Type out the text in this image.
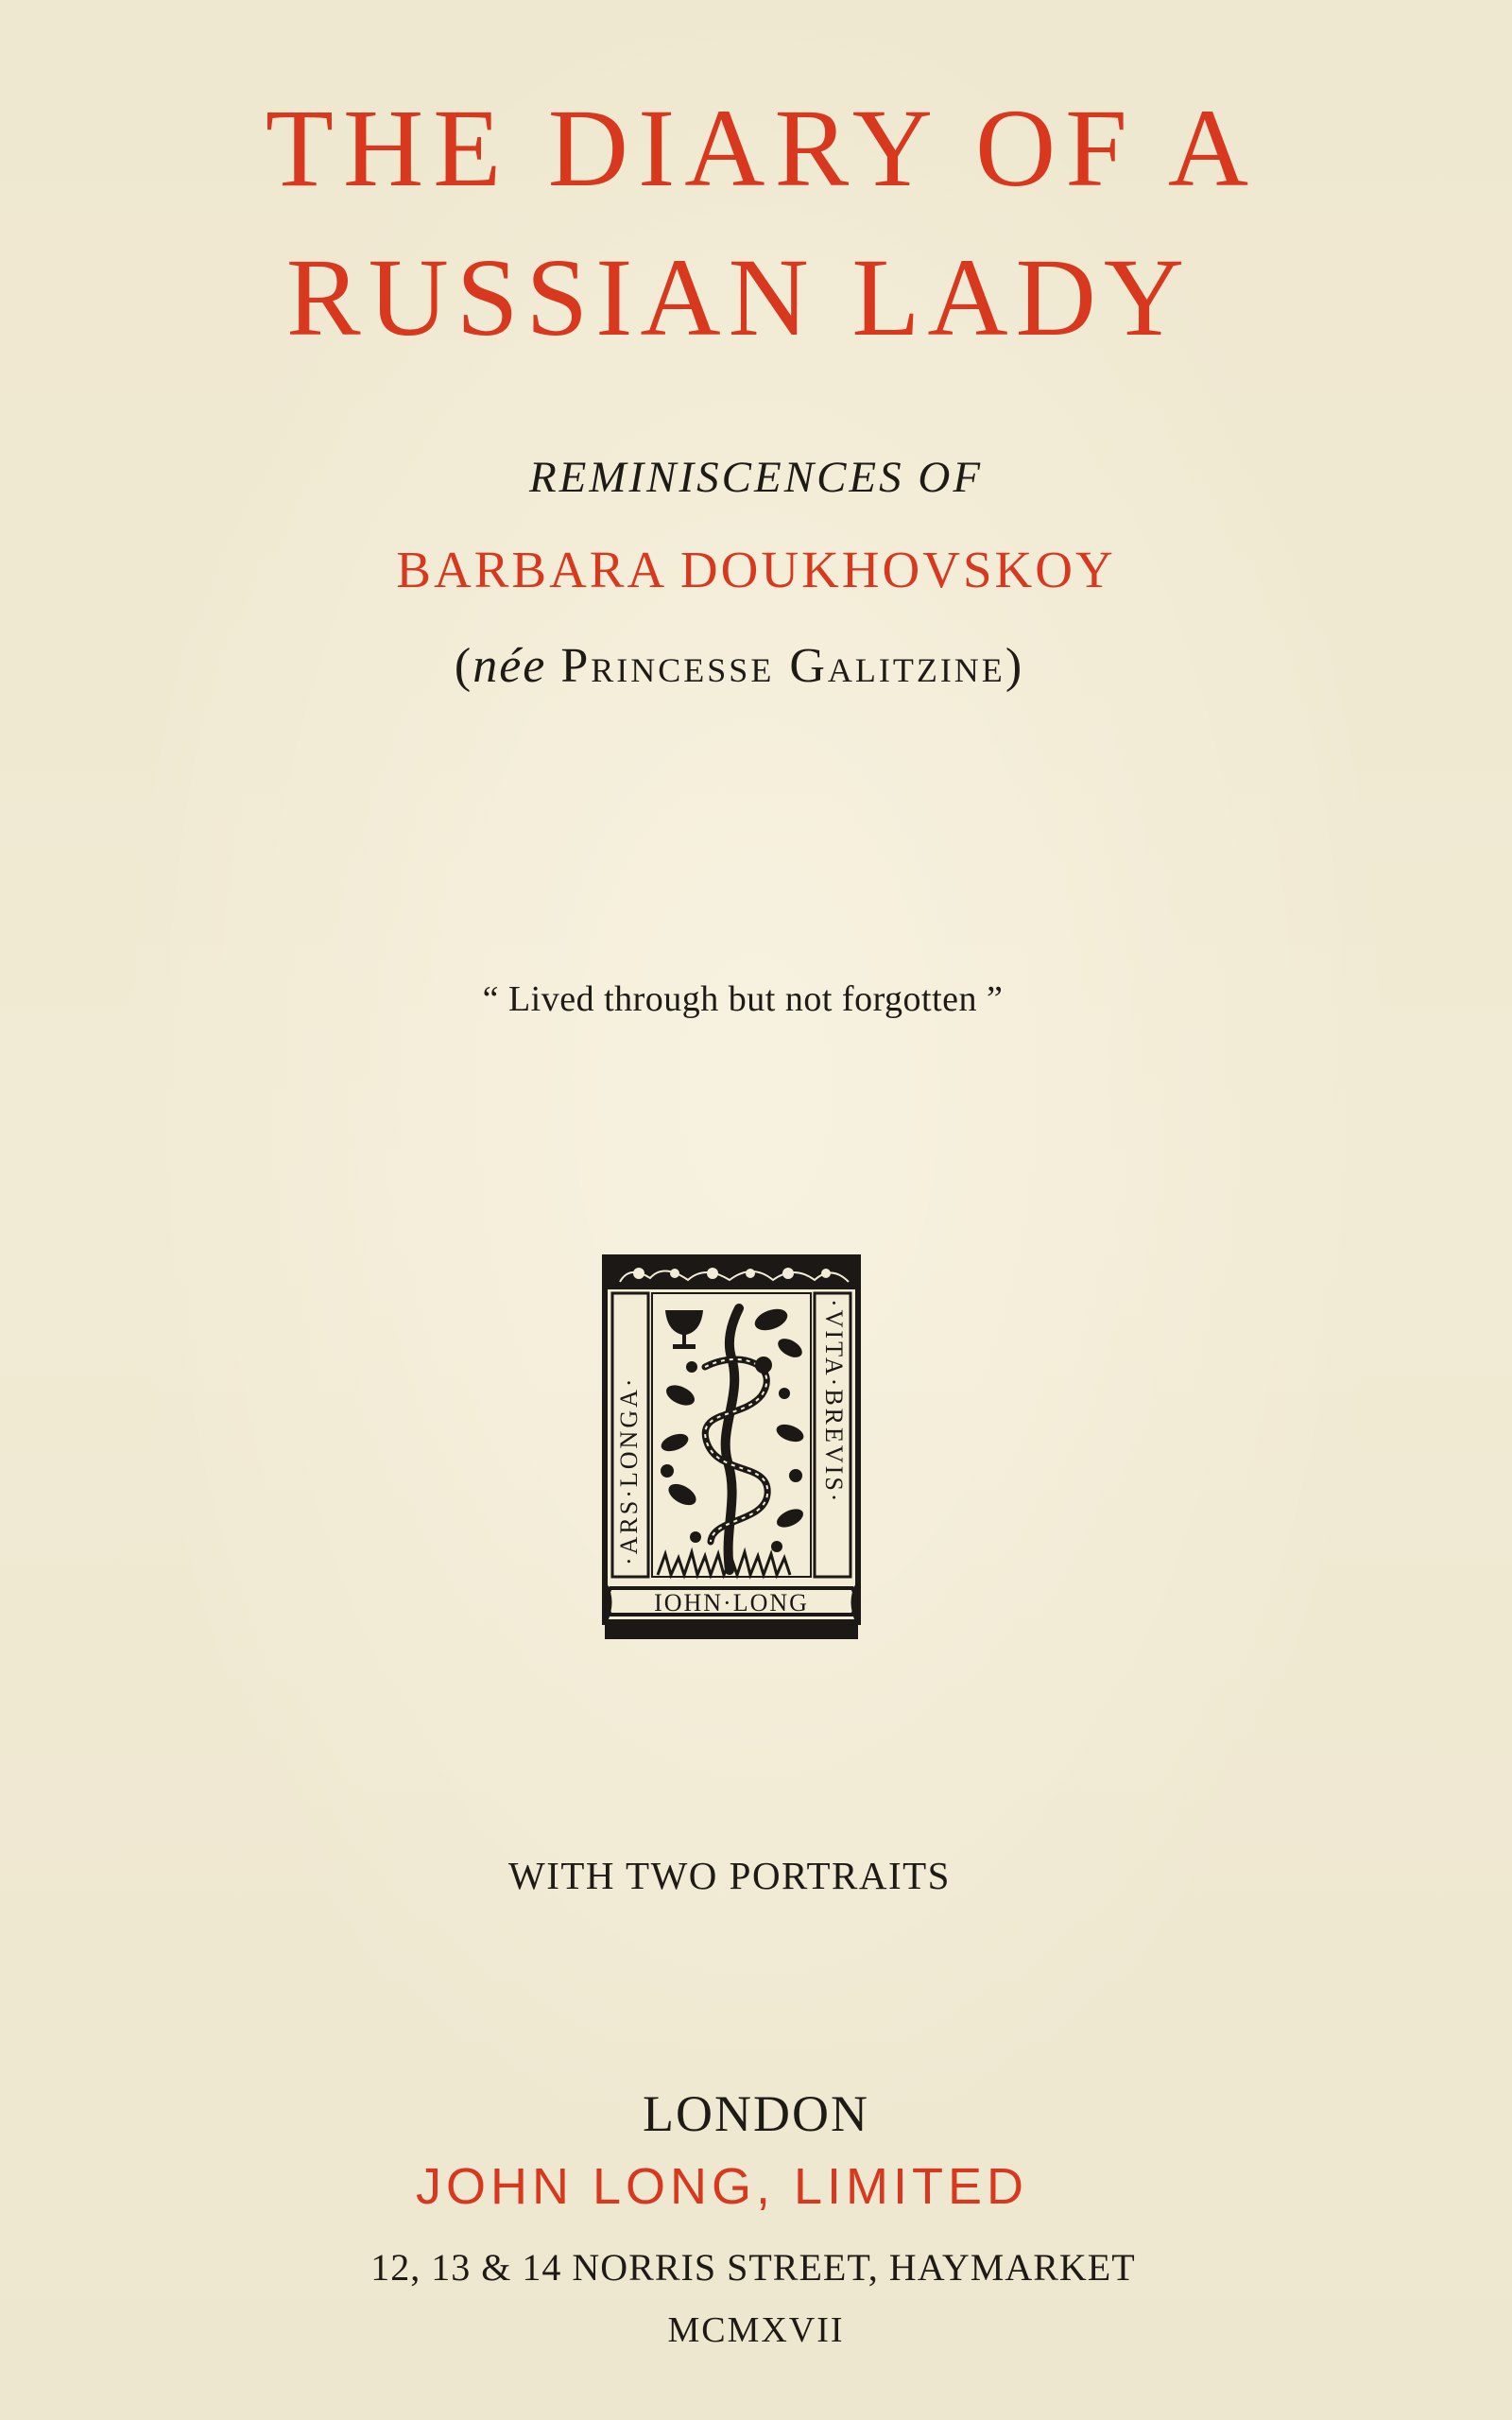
THE DIARY OF A
RUSSIAN LADY
REMINISCENCES OF
BARBARA DOUKHOVSKOY
(née Princesse Galitzine)
“ Lived through but not forgotten ”
·ARS·LONGA·	·VITA·BREVIS·
IOHN·LONG
WITH TWO PORTRAITS
LONDON
JOHN LONG, LIMITED
12, 13 & 14 NORRIS STREET, HAYMARKET
MCMXVII
